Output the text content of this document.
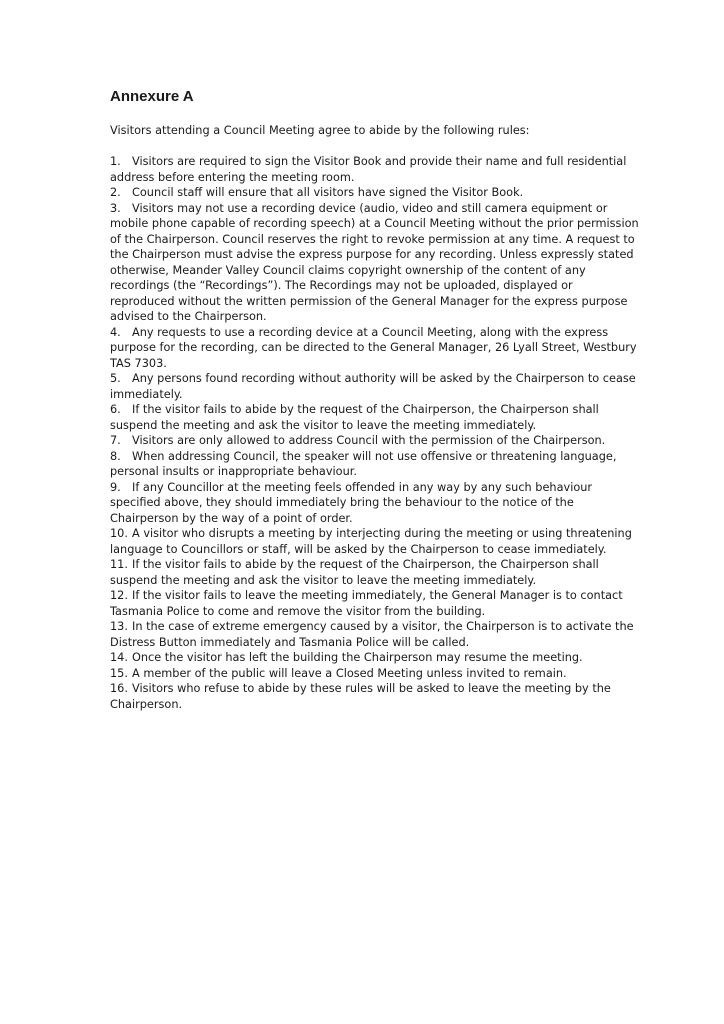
Annexure A

Visitors attending a Council Meeting agree to abide by the following rules:

1. Visitors are required to sign the Visitor Book and provide their name and full residential address before entering the meeting room.
2. Council staff will ensure that all visitors have signed the Visitor Book.
3. Visitors may not use a recording device (audio, video and still camera equipment or mobile phone capable of recording speech) at a Council Meeting without the prior permission of the Chairperson. Council reserves the right to revoke permission at any time. A request to the Chairperson must advise the express purpose for any recording. Unless expressly stated otherwise, Meander Valley Council claims copyright ownership of the content of any recordings (the “Recordings”). The Recordings may not be uploaded, displayed or reproduced without the written permission of the General Manager for the express purpose advised to the Chairperson.
4. Any requests to use a recording device at a Council Meeting, along with the express purpose for the recording, can be directed to the General Manager, 26 Lyall Street, Westbury TAS 7303.
5. Any persons found recording without authority will be asked by the Chairperson to cease immediately.
6. If the visitor fails to abide by the request of the Chairperson, the Chairperson shall suspend the meeting and ask the visitor to leave the meeting immediately.
7. Visitors are only allowed to address Council with the permission of the Chairperson.
8. When addressing Council, the speaker will not use offensive or threatening language, personal insults or inappropriate behaviour.
9. If any Councillor at the meeting feels offended in any way by any such behaviour specified above, they should immediately bring the behaviour to the notice of the Chairperson by the way of a point of order.
10. A visitor who disrupts a meeting by interjecting during the meeting or using threatening language to Councillors or staff, will be asked by the Chairperson to cease immediately.
11. If the visitor fails to abide by the request of the Chairperson, the Chairperson shall suspend the meeting and ask the visitor to leave the meeting immediately.
12. If the visitor fails to leave the meeting immediately, the General Manager is to contact Tasmania Police to come and remove the visitor from the building.
13. In the case of extreme emergency caused by a visitor, the Chairperson is to activate the Distress Button immediately and Tasmania Police will be called.
14. Once the visitor has left the building the Chairperson may resume the meeting.
15. A member of the public will leave a Closed Meeting unless invited to remain.
16. Visitors who refuse to abide by these rules will be asked to leave the meeting by the Chairperson.
